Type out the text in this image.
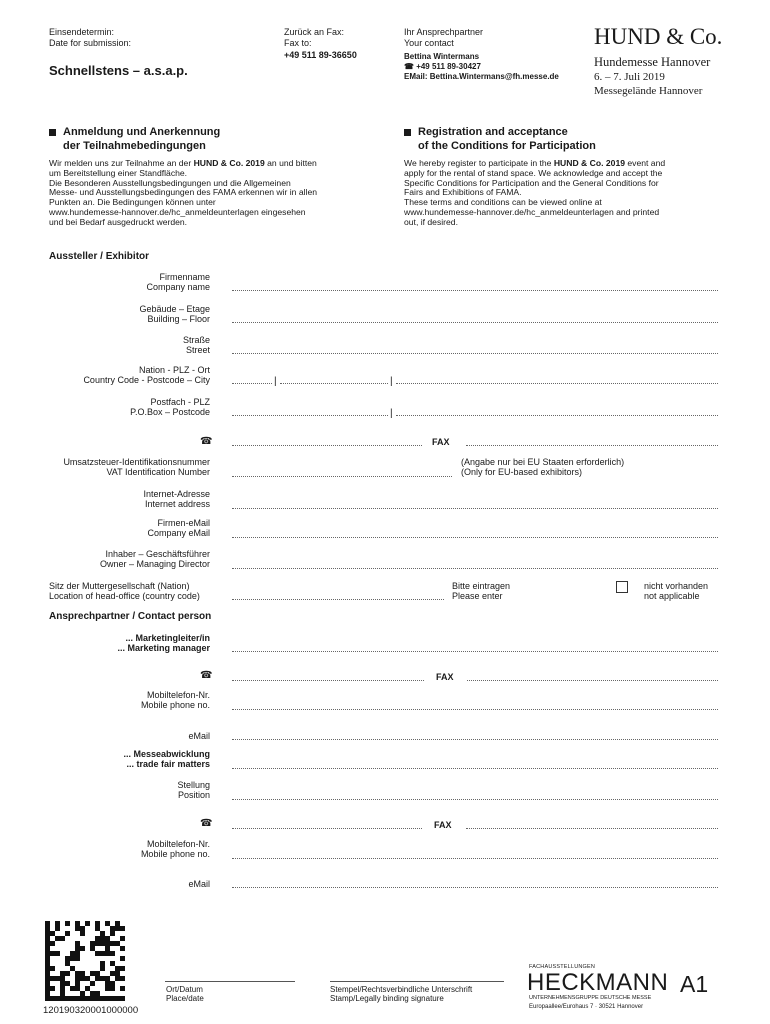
Einsendetermin:
Date for submission:
Schnellstens – a.s.a.p.
Zurück an Fax:
Fax to:
+49 511 89-36650
Ihr Ansprechpartner
Your contact
Bettina Wintermans
☎ +49 511 89-30427
EMail: Bettina.Wintermans@fh.messe.de
HUND & Co.
Hundemesse Hannover
6. – 7. Juli 2019
Messegelände Hannover
Anmeldung und Anerkennung
der Teilnahmebedingungen
Registration and acceptance
of the Conditions for Participation
Wir melden uns zur Teilnahme an der HUND & Co. 2019 an und bitten
um Bereitstellung einer Standfläche.
Die Besonderen Ausstellungsbedingungen und die Allgemeinen
Messe- und Ausstellungsbedingungen des FAMA erkennen wir in allen
Punkten an. Die Bedingungen können unter
www.hundemesse-hannover.de/hc_anmeldeunterlagen eingesehen
und bei Bedarf ausgedruckt werden.
We hereby register to participate in the HUND & Co. 2019 event and
apply for the rental of stand space. We acknowledge and accept the
Specific Conditions for Participation and the General Conditions for
Fairs and Exhibitions of FAMA.
These terms and conditions can be viewed online at
www.hundemesse-hannover.de/hc_anmeldeunterlagen and printed
out, if desired.
Aussteller / Exhibitor
Firmenname
Company name
Gebäude – Etage
Building – Floor
Straße
Street
Nation - PLZ - Ort
Country Code - Postcode – City	|	|
Postfach - PLZ
P.O.Box – Postcode	|
☎	FAX
Umsatzsteuer-Identifikationsnummer
VAT Identification Number
(Angabe nur bei EU Staaten erforderlich)
(Only for EU-based exhibitors)
Internet-Adresse
Internet address
Firmen-eMail
Company eMail
Inhaber – Geschäftsführer
Owner – Managing Director
Sitz der Muttergesellschaft (Nation)
Location of head-office (country code)
Bitte eintragen
Please enter
nicht vorhanden
not applicable
Ansprechpartner / Contact person
... Marketingleiter/in
... Marketing manager
☎	FAX
Mobiltelefon-Nr.
Mobile phone no.
eMail
... Messeabwicklung
... trade fair matters
Stellung
Position
☎	FAX
Mobiltelefon-Nr.
Mobile phone no.
eMail
120190320001000000
Ort/Datum
Place/date
Stempel/Rechtsverbindliche Unterschrift
Stamp/Legally binding signature
FACHAUSSTELLUNGEN
HECKMANN
UNTERNEHMENSGRUPPE DEUTSCHE MESSE
Europaallee/Eurohaus 7 · 30521 Hannover
A1
